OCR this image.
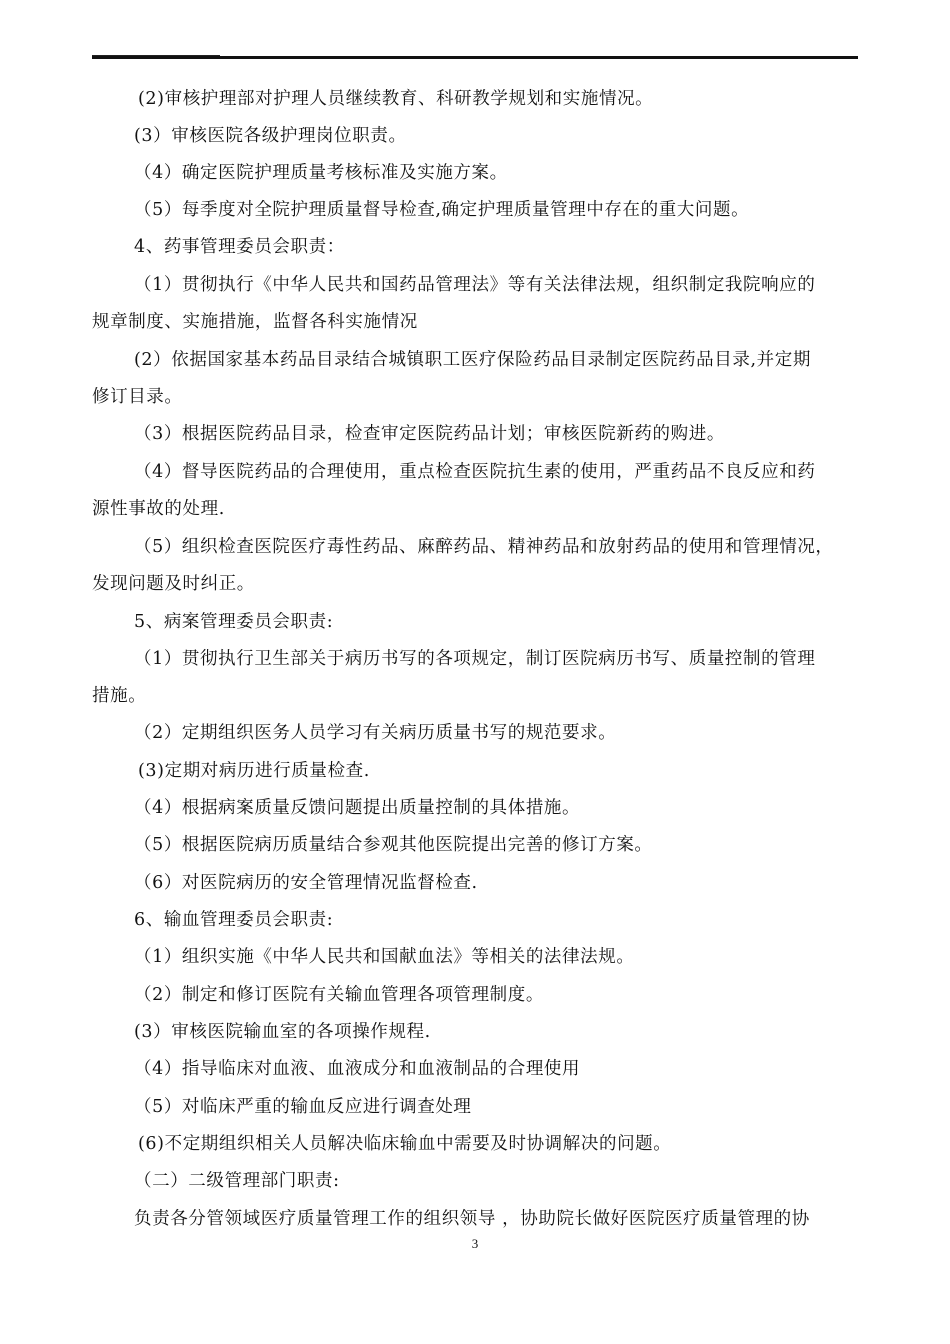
(2)审核护理部对护理人员继续教育、科研教学规划和实施情况。
(3）审核医院各级护理岗位职责。
（4）确定医院护理质量考核标准及实施方案。
（5）每季度对全院护理质量督导检查,确定护理质量管理中存在的重大问题。
4、药事管理委员会职责：
（1）贯彻执行《中华人民共和国药品管理法》等有关法律法规，组织制定我院响应的
规章制度、实施措施，监督各科实施情况
(2）依据国家基本药品目录结合城镇职工医疗保险药品目录制定医院药品目录,并定期
修订目录。
（3）根据医院药品目录，检查审定医院药品计划；审核医院新药的购进。
（4）督导医院药品的合理使用，重点检查医院抗生素的使用，严重药品不良反应和药
源性事故的处理.
（5）组织检查医院医疗毒性药品、麻醉药品、精神药品和放射药品的使用和管理情况，
发现问题及时纠正。
5、病案管理委员会职责:
（1）贯彻执行卫生部关于病历书写的各项规定，制订医院病历书写、质量控制的管理
措施。
（2）定期组织医务人员学习有关病历质量书写的规范要求。
(3)定期对病历进行质量检查.
（4）根据病案质量反馈问题提出质量控制的具体措施。
（5）根据医院病历质量结合参观其他医院提出完善的修订方案。
（6）对医院病历的安全管理情况监督检查.
6、输血管理委员会职责:
（1）组织实施《中华人民共和国献血法》等相关的法律法规。
（2）制定和修订医院有关输血管理各项管理制度。
(3）审核医院输血室的各项操作规程.
（4）指导临床对血液、血液成分和血液制品的合理使用
（5）对临床严重的输血反应进行调查处理
(6)不定期组织相关人员解决临床输血中需要及时协调解决的问题。
（二）二级管理部门职责:
负责各分管领域医疗质量管理工作的组织领导 ，协助院长做好医院医疗质量管理的协
3
